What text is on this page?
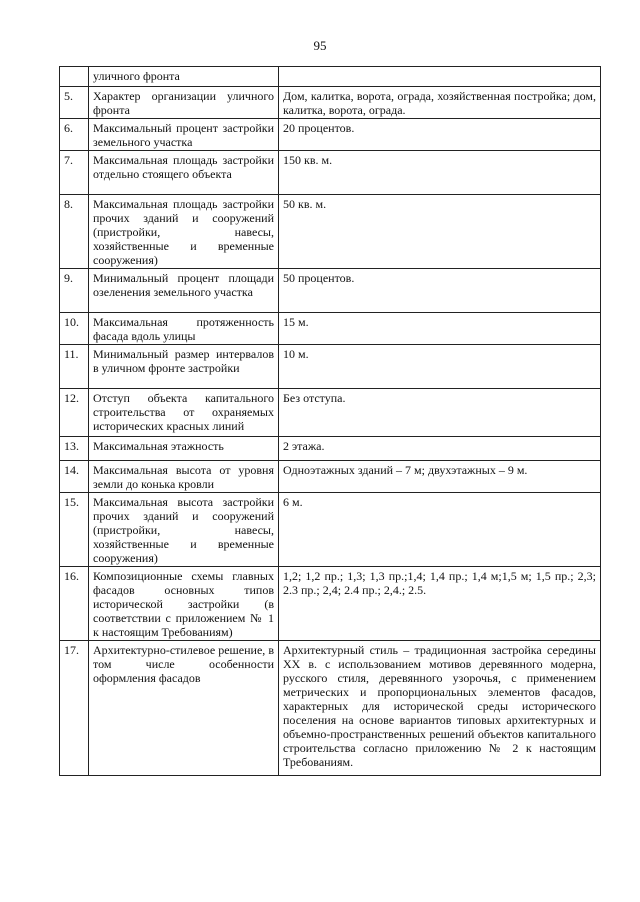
95
	уличного фронта	
5.	Характер организации уличного фронта	Дом, калитка, ворота, ограда, хозяйственная постройка; дом, калитка, ворота, ограда.
6.	Максимальный процент застройки земельного участка	20 процентов.
7.	Максимальная площадь застройки отдельно стоящего объекта	150 кв. м.
8.	Максимальная площадь застройки прочих зданий и сооружений (пристройки, навесы, хозяйственные и временные сооружения)	50 кв. м.
9.	Минимальный процент площади озеленения земельного участка	50 процентов.
10.	Максимальная протяженность фасада вдоль улицы	15 м.
11.	Минимальный размер интервалов в уличном фронте застройки	10 м.
12.	Отступ объекта капитального строительства от охраняемых исторических красных линий	Без отступа.
13.	Максимальная этажность	2 этажа.
14.	Максимальная высота от уровня земли до конька кровли	Одноэтажных зданий – 7 м; двухэтажных – 9 м.
15.	Максимальная высота застройки прочих зданий и сооружений (пристройки, навесы, хозяйственные и временные сооружения)	6 м.
16.	Композиционные схемы главных фасадов основных типов исторической застройки (в соответствии с приложением № 1 к настоящим Требованиям)	1,2; 1,2 пр.; 1,3; 1,3 пр.;1,4; 1,4 пр.; 1,4 м;1,5 м; 1,5 пр.; 2,3; 2.3 пр.; 2,4; 2.4 пр.; 2,4.; 2.5.
17.	Архитектурно-стилевое решение, в том числе особенности оформления фасадов	Архитектурный стиль – традиционная застройка середины XX в. с использованием мотивов деревянного модерна, русского стиля, деревянного узорочья, с применением метрических и пропорциональных элементов фасадов, характерных для исторической среды исторического поселения на основе вариантов типовых архитектурных и объемно-пространственных решений объектов капитального строительства согласно приложению № 2 к настоящим Требованиям.
